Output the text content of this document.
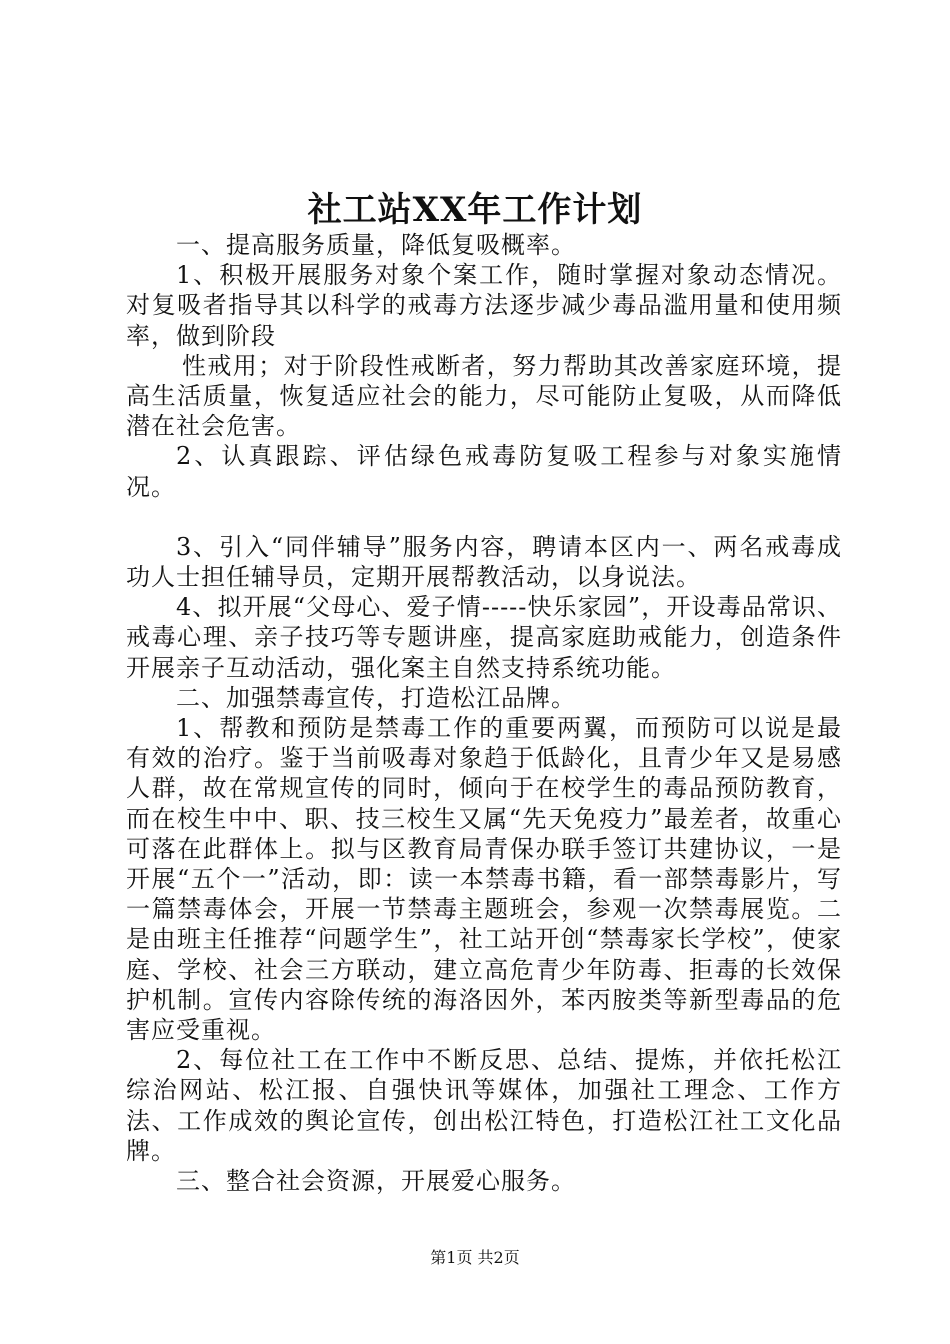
社工站XX年工作计划

一、提高服务质量，降低复吸概率。

1、积极开展服务对象个案工作，随时掌握对象动态情况。对复吸者指导其以科学的戒毒方法逐步减少毒品滥用量和使用频率，做到阶段

性戒用；对于阶段性戒断者，努力帮助其改善家庭环境，提高生活质量，恢复适应社会的能力，尽可能防止复吸，从而降低潜在社会危害。

2、认真跟踪、评估绿色戒毒防复吸工程参与对象实施情况。

3、引入“同伴辅导”服务内容，聘请本区内一、两名戒毒成功人士担任辅导员，定期开展帮教活动，以身说法。

4、拟开展“父母心、爱子情-----快乐家园”，开设毒品常识、戒毒心理、亲子技巧等专题讲座，提高家庭助戒能力，创造条件开展亲子互动活动，强化案主自然支持系统功能。

二、加强禁毒宣传，打造松江品牌。

1、帮教和预防是禁毒工作的重要两翼，而预防可以说是最有效的治疗。鉴于当前吸毒对象趋于低龄化，且青少年又是易感人群，故在常规宣传的同时，倾向于在校学生的毒品预防教育，而在校生中中、职、技三校生又属“先天免疫力”最差者，故重心可落在此群体上。拟与区教育局青保办联手签订共建协议，一是开展“五个一”活动，即：读一本禁毒书籍，看一部禁毒影片，写一篇禁毒体会，开展一节禁毒主题班会，参观一次禁毒展览。二是由班主任推荐“问题学生”，社工站开创“禁毒家长学校”，使家庭、学校、社会三方联动，建立高危青少年防毒、拒毒的长效保护机制。宣传内容除传统的海洛因外，苯丙胺类等新型毒品的危害应受重视。

2、每位社工在工作中不断反思、总结、提炼，并依托松江综治网站、松江报、自强快讯等媒体，加强社工理念、工作方法、工作成效的舆论宣传，创出松江特色，打造松江社工文化品牌。

三、整合社会资源，开展爱心服务。

第1页 共2页
